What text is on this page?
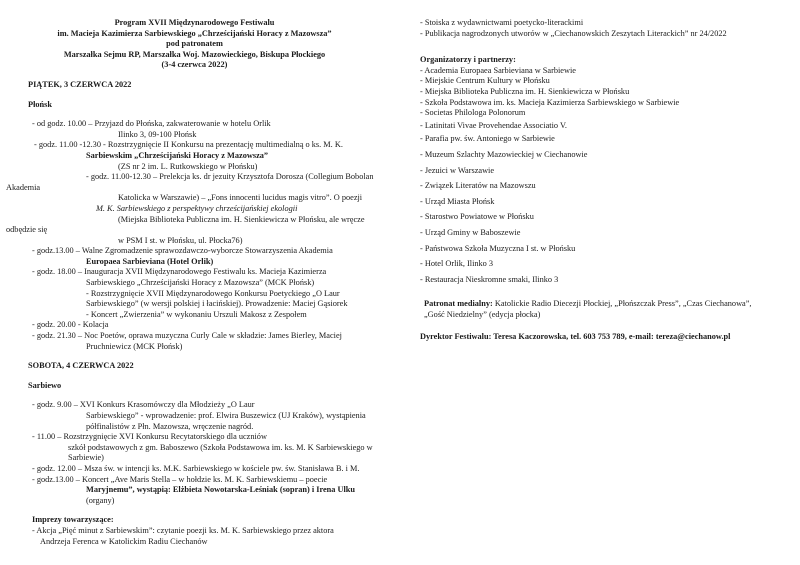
Program XVII Międzynarodowego Festiwalu
im. Macieja Kazimierza Sarbiewskiego „Chrześcijański Horacy z Mazowsza”
pod patronatem
Marszałka Sejmu RP, Marszałka Woj. Mazowieckiego, Biskupa Płockiego
(3-4 czerwca 2022)
PIĄTEK, 3 CZERWCA 2022
Płońsk
- od godz. 10.00 – Przyjazd do Płońska, zakwaterowanie w hotelu Orlik
Ilinko 3, 09-100 Płońsk
- godz. 11.00 -12.30 - Rozstrzygnięcie II Konkursu na prezentację multimedialną o ks. M. K.
Sarbiewskim „Chrześcijański Horacy z Mazowsza”
(ZS nr 2 im. L. Rutkowskiego w Płońsku)
- godz. 11.00-12.30 – Prelekcja ks. dr jezuity Krzysztofa Dorosza (Collegium Bobolan
Akademia
Katolicka w Warszawie) – „Fons innocenti lucidus magis vitro”. O poezji
M. K. Sarbiewskiego z perspektywy chrześcijańskiej ekologii
(Miejska Biblioteka Publiczna im. H. Sienkiewicza w Płońsku, ale wręcze
odbędzie się
w PSM I st. w Płońsku, ul. Płocka76)
- godz.13.00 – Walne Zgromadzenie sprawozdawczo-wyborcze Stowarzyszenia Akademia
Europaea Sarbieviana (Hotel Orlik)
- godz. 18.00 – Inauguracja XVII Międzynarodowego Festiwalu ks. Macieja Kazimierza
Sarbiewskiego „Chrześcijański Horacy z Mazowsza” (MCK Płońsk)
- Rozstrzygnięcie XVII Międzynarodowego Konkursu Poetyckiego „O Laur
Sarbiewskiego” (w wersji polskiej i łacińskiej). Prowadzenie: Maciej Gąsiorek
- Koncert „Zwierzenia” w wykonaniu Urszuli Makosz z Zespołem
- godz. 20.00 - Kolacja
- godz. 21.30 – Noc Poetów, oprawa muzyczna Curly Cale w składzie: James Bierley, Maciej
Pruchniewicz (MCK Płońsk)
SOBOTA, 4 CZERWCA 2022
Sarbiewo
- godz. 9.00 – XVI Konkurs Krasomówczy dla Młodzieży „O Laur
Sarbiewskiego” - wprowadzenie: prof. Elwira Buszewicz (UJ Kraków), wystąpienia
półfinalistów z Płn. Mazowsza, wręczenie nagród.
- 11.00 – Rozstrzygnięcie XVI Konkursu Recytatorskiego dla uczniów
szkół podstawowych z gm. Baboszewo (Szkoła Podstawowa im. ks. M. K Sarbiewskiego w
Sarbiewie)
- godz. 12.00 – Msza św. w intencji ks. M.K. Sarbiewskiego w kościele pw. św. Stanisława B. i M.
- godz.13.00 – Koncert „Ave Maris Stella – w hołdzie ks. M. K. Sarbiewskiemu – poecie
Maryjnemu”, wystąpią: Elżbieta Nowotarska-Leśniak (sopran) i Irena Ulku
(organy)
Imprezy towarzyszące:
- Akcja „Pięć minut z Sarbiewskim”: czytanie poezji ks. M. K. Sarbiewskiego przez aktora
Andrzeja Ferenca w Katolickim Radiu Ciechanów
- Stoiska z wydawnictwami poetycko-literackimi
- Publikacja nagrodzonych utworów w „Ciechanowskich Zeszytach Literackich” nr 24/2022
Organizatorzy i partnerzy:
- Academia Europaea Sarbieviana w Sarbiewie
- Miejskie Centrum Kultury w Płońsku
- Miejska Biblioteka Publiczna im. H. Sienkiewicza w Płońsku
- Szkoła Podstawowa im. ks. Macieja Kazimierza Sarbiewskiego w Sarbiewie
- Societas Philologa Polonorum
- Latinitati Vivae Provehendae Associatio V.
- Parafia pw. św. Antoniego w Sarbiewie
- Muzeum Szlachty Mazowieckiej w Ciechanowie
- Jezuici w Warszawie
- Związek Literatów na Mazowszu
- Urząd Miasta Płońsk
- Starostwo Powiatowe w Płońsku
- Urząd Gminy w Baboszewie
- Państwowa Szkoła Muzyczna I st. w Płońsku
- Hotel Orlik, Ilinko 3
- Restauracja Nieskromne smaki, Ilinko 3
Patronat medialny: Katolickie Radio Diecezji Płockiej, „Płońszczak Press”, „Czas Ciechanowa”,
„Gość Niedzielny” (edycja płocka)
Dyrektor Festiwalu: Teresa Kaczorowska, tel. 603 753 789, e-mail: tereza@ciechanow.pl
